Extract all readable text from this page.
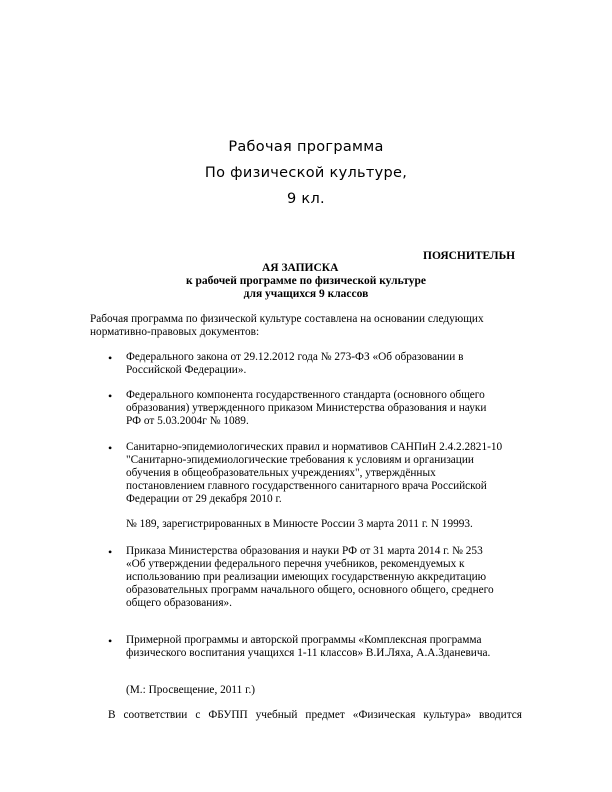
Рабочая программа
По физической культуре,
9 кл.
ПОЯСНИТЕЛЬН
АЯ ЗАПИСКА
к рабочей программе по физической культуре
для учащихся 9 классов
Рабочая программа по физической культуре составлена на основании следующих
нормативно-правовых документов:
• Федерального закона от 29.12.2012 года № 273-ФЗ «Об образовании в
Российской Федерации».
• Федерального компонента государственного стандарта (основного общего
образования) утвержденного приказом Министерства образования и науки
РФ от 5.03.2004г № 1089.
• Санитарно-эпидемиологических правил и нормативов САНПиН 2.4.2.2821-10
"Санитарно-эпидемиологические требования к условиям и организации
обучения в общеобразовательных учреждениях", утверждённых
постановлением главного государственного санитарного врача Российской
Федерации от 29 декабря 2010 г.
№ 189, зарегистрированных в Минюсте России 3 марта 2011 г. N 19993.
• Приказа Министерства образования и науки РФ от 31 марта 2014 г. № 253
«Об утверждении федерального перечня учебников, рекомендуемых к
использованию при реализации имеющих государственную аккредитацию
образовательных программ начального общего, основного общего, среднего
общего образования».
• Примерной программы и авторской программы «Комплексная программа
физического воспитания учащихся 1-11 классов» В.И.Ляха, А.А.Зданевича.
(М.: Просвещение, 2011 г.)
В соответствии с ФБУПП учебный предмет «Физическая культура» вводится
